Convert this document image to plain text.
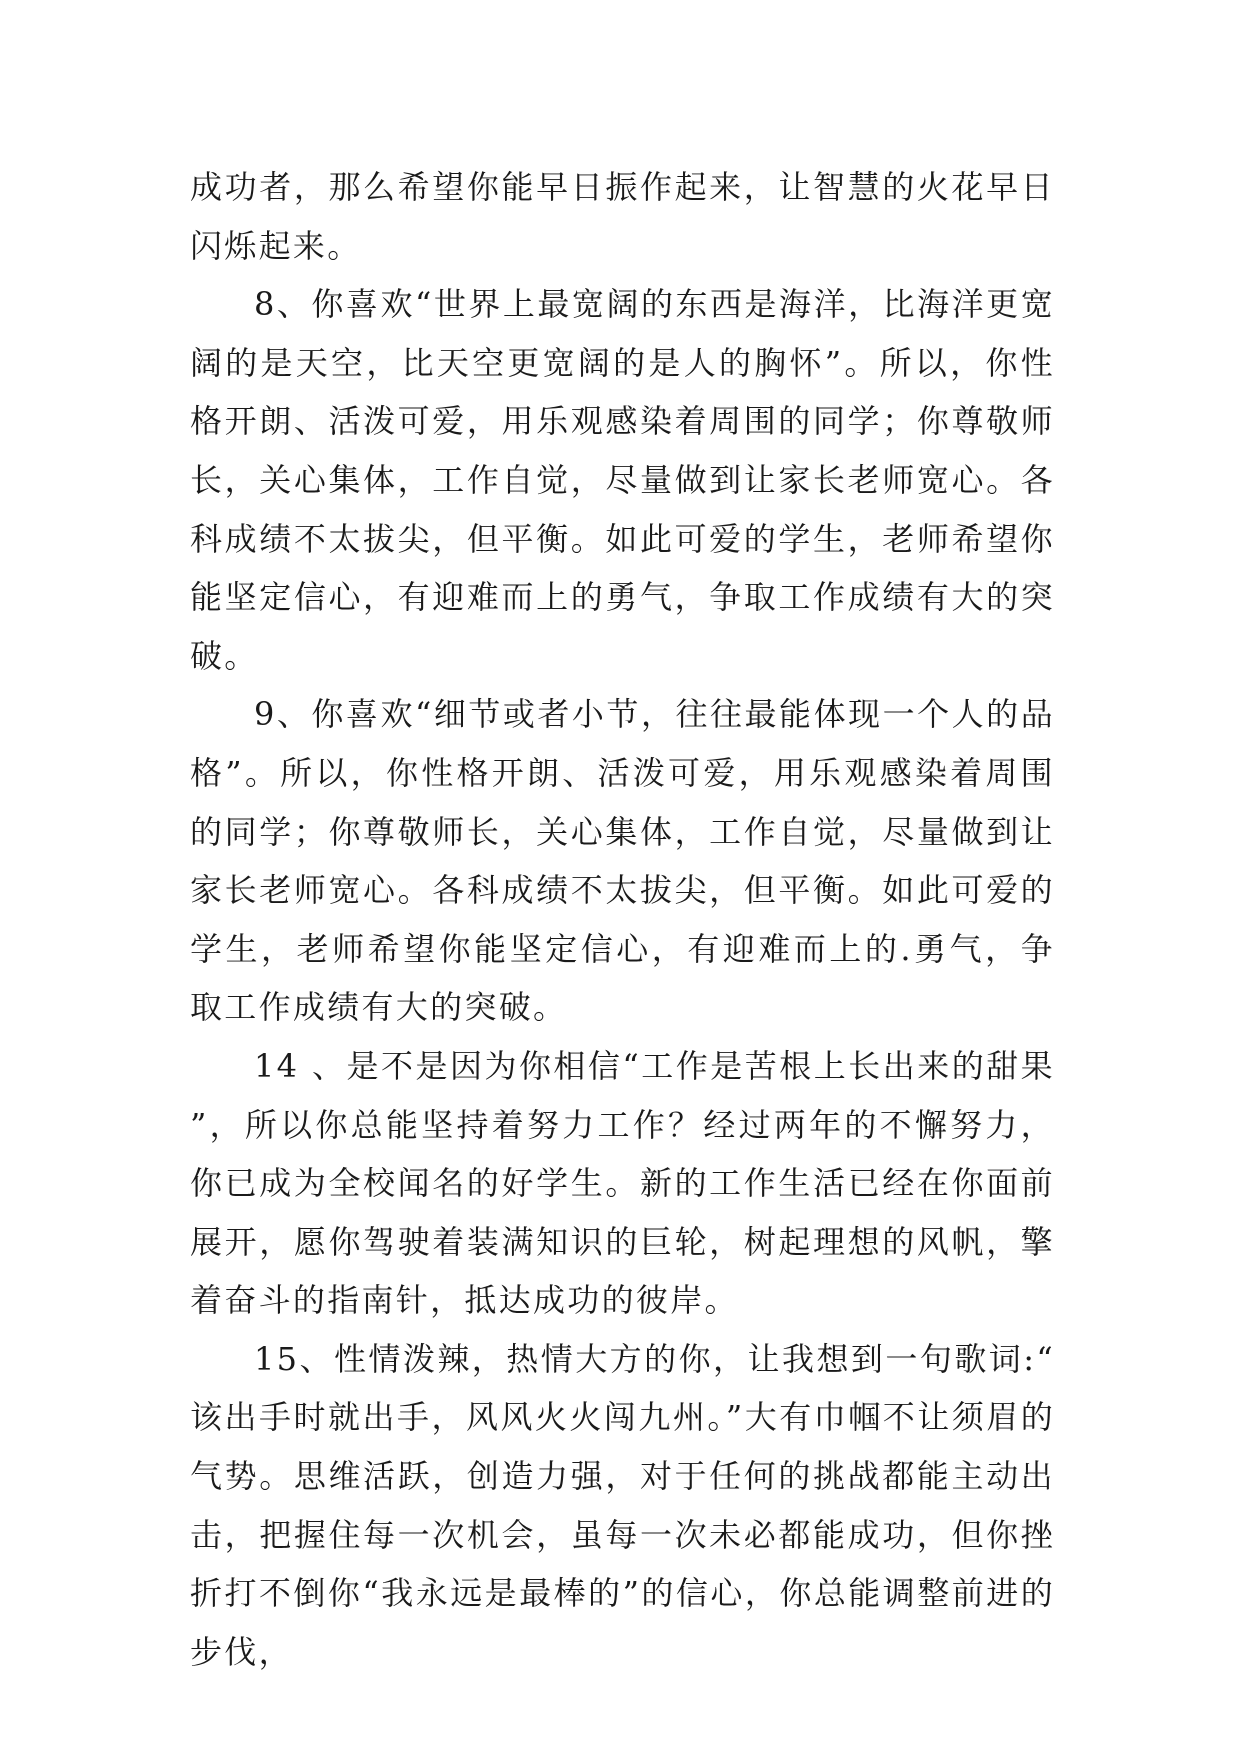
成功者，那么希望你能早日振作起来，让智慧的火花早日闪烁起来。

8、你喜欢“世界上最宽阔的东西是海洋，比海洋更宽阔的是天空，比天空更宽阔的是人的胸怀”。所以，你性格开朗、活泼可爱，用乐观感染着周围的同学；你尊敬师长，关心集体，工作自觉，尽量做到让家长老师宽心。各科成绩不太拔尖，但平衡。如此可爱的学生，老师希望你能坚定信心，有迎难而上的勇气，争取工作成绩有大的突破。

9、你喜欢“细节或者小节，往往最能体现一个人的品格”。所以，你性格开朗、活泼可爱，用乐观感染着周围的同学；你尊敬师长，关心集体，工作自觉，尽量做到让家长老师宽心。各科成绩不太拔尖，但平衡。如此可爱的学生，老师希望你能坚定信心，有迎难而上的.勇气，争取工作成绩有大的突破。

14 、是不是因为你相信“工作是苦根上长出来的甜果”，所以你总能坚持着努力工作？经过两年的不懈努力，你已成为全校闻名的好学生。新的工作生活已经在你面前展开，愿你驾驶着装满知识的巨轮，树起理想的风帆，擎着奋斗的指南针，抵达成功的彼岸。

15、性情泼辣，热情大方的你，让我想到一句歌词:“该出手时就出手，风风火火闯九州。”大有巾帼不让须眉的气势。思维活跃，创造力强，对于任何的挑战都能主动出击，把握住每一次机会，虽每一次未必都能成功，但你挫折打不倒你“我永远是最棒的”的信心，你总能调整前进的步伐，
